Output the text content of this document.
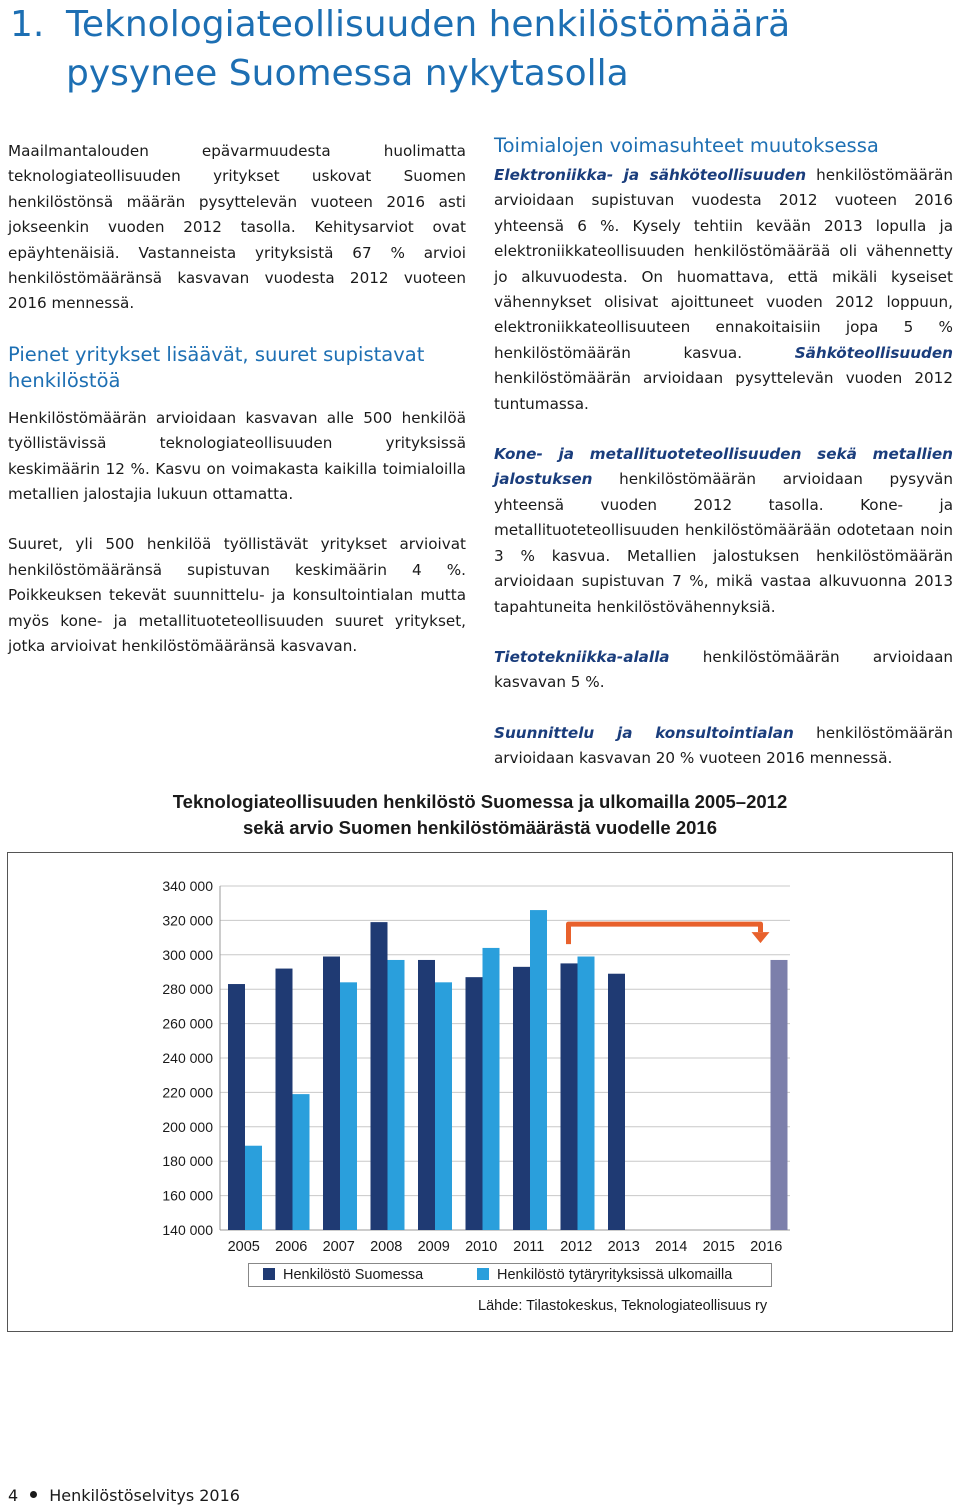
1. Teknologiateollisuuden henkilöstömäärä
pysynee Suomessa nykytasolla

Maailmantalouden epävarmuudesta huolimatta teknologiateollisuuden yritykset uskovat Suomen henkilöstönsä määrän pysyttelevän vuoteen 2016 asti jokseenkin vuoden 2012 tasolla. Kehitysarviot ovat epäyhtenäisiä. Vastanneista yrityksistä 67 % arvioi henkilöstömääränsä kasvavan vuodesta 2012 vuoteen 2016 mennessä.

Pienet yritykset lisäävät, suuret supistavat henkilöstöä

Henkilöstömäärän arvioidaan kasvavan alle 500 henkilöä työllistävissä teknologiateollisuuden yrityksissä keskimäärin 12 %. Kasvu on voimakasta kaikilla toimialoilla metallien jalostajia lukuun ottamatta.

Suuret, yli 500 henkilöä työllistävät yritykset arvioivat henkilöstömääränsä supistuvan keskimäärin 4 %. Poikkeuksen tekevät suunnittelu- ja konsultointialan mutta myös kone- ja metallituoteteollisuuden suuret yritykset, jotka arvioivat henkilöstömääränsä kasvavan.

Toimialojen voimasuhteet muutoksessa

Elektroniikka- ja sähköteollisuuden henkilöstömäärän arvioidaan supistuvan vuodesta 2012 vuoteen 2016 yhteensä 6 %. Kysely tehtiin kevään 2013 lopulla ja elektroniikkateollisuuden henkilöstömäärää oli vähennetty jo alkuvuodesta. On huomattava, että mikäli kyseiset vähennykset olisivat ajoittuneet vuoden 2012 loppuun, elektroniikkateollisuuteen ennakoitaisiin jopa 5 % henkilöstömäärän kasvua. Sähköteollisuuden henkilöstömäärän arvioidaan pysyttelevän vuoden 2012 tuntumassa.

Kone- ja metallituoteteollisuuden sekä metallien jalostuksen henkilöstömäärän arvioidaan pysyvän yhteensä vuoden 2012 tasolla. Kone- ja metallituoteteollisuuden henkilöstömäärään odotetaan noin 3 % kasvua. Metallien jalostuksen henkilöstömäärän arvioidaan supistuvan 7 %, mikä vastaa alkuvuonna 2013 tapahtuneita henkilöstövähennyksiä.

Tietotekniikka-alalla henkilöstömäärän arvioidaan kasvavan 5 %.

Suunnittelu ja konsultointialan henkilöstömäärän arvioidaan kasvavan 20 % vuoteen 2016 mennessä.

Teknologiateollisuuden henkilöstö Suomessa ja ulkomailla 2005–2012
sekä arvio Suomen henkilöstömäärästä vuodelle 2016
340 000
320 000
300 000
280 000
260 000
240 000
220 000
200 000
180 000
160 000
140 000
2005 2006 2007 2008 2009 2010 2011 2012 2013 2014 2015 2016
Henkilöstö Suomessa	Henkilöstö tytäryrityksissä ulkomailla
Lähde: Tilastokeskus, Teknologiateollisuus ry
4 Henkilöstöselvitys 2016
